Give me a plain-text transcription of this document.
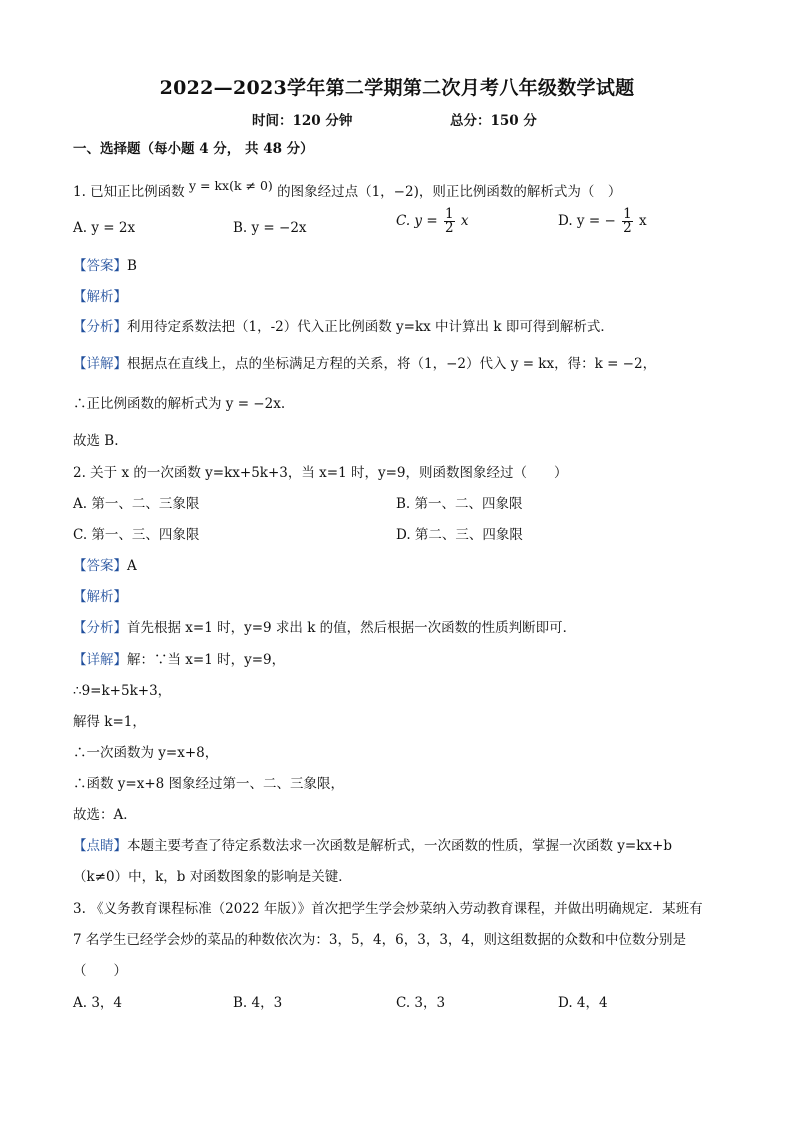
2022—2023学年第二学期第二次月考八年级数学试题
时间：120 分钟	总分：150 分
一、选择题（每小题 4 分， 共 48 分）
1. 已知正比例函数 y = kx(k ≠ 0) 的图象经过点（1，−2)，则正比例函数的解析式为（　）
A. y = 2x	B. y = −2x	C. $y = \frac{1}{2}$ x	D. y = − $\frac{1}{2}$ x
【答案】B
【解析】
【分析】利用待定系数法把（1，-2）代入正比例函数 y=kx 中计算出 k 即可得到解析式．
【详解】根据点在直线上，点的坐标满足方程的关系，将（1，−2）代入 y = kx，得：k = −2，
∴正比例函数的解析式为 y = −2x.
故选 B.
2. 关于 x 的一次函数 y=kx+5k+3，当 x=1 时，y=9，则函数图象经过（　　）
A. 第一、二、三象限	B. 第一、二、四象限
C. 第一、三、四象限	D. 第二、三、四象限
【答案】A
【解析】
【分析】首先根据 x=1 时，y=9 求出 k 的值，然后根据一次函数的性质判断即可．
【详解】解：∵当 x=1 时，y=9，
∴9=k+5k+3，
解得 k=1，
∴一次函数为 y=x+8，
∴函数 y=x+8 图象经过第一、二、三象限，
故选：A．
【点睛】本题主要考查了待定系数法求一次函数是解析式，一次函数的性质，掌握一次函数 y=kx+b
（k≠0）中，k，b 对函数图象的影响是关键．
3. 《义务教育课程标准（2022 年版）》首次把学生学会炒菜纳入劳动教育课程，并做出明确规定．某班有
7 名学生已经学会炒的菜品的种数依次为：3，5，4，6，3，3，4，则这组数据的众数和中位数分别是
（　　）
A. 3，4	B. 4，3	C. 3，3	D. 4，4
